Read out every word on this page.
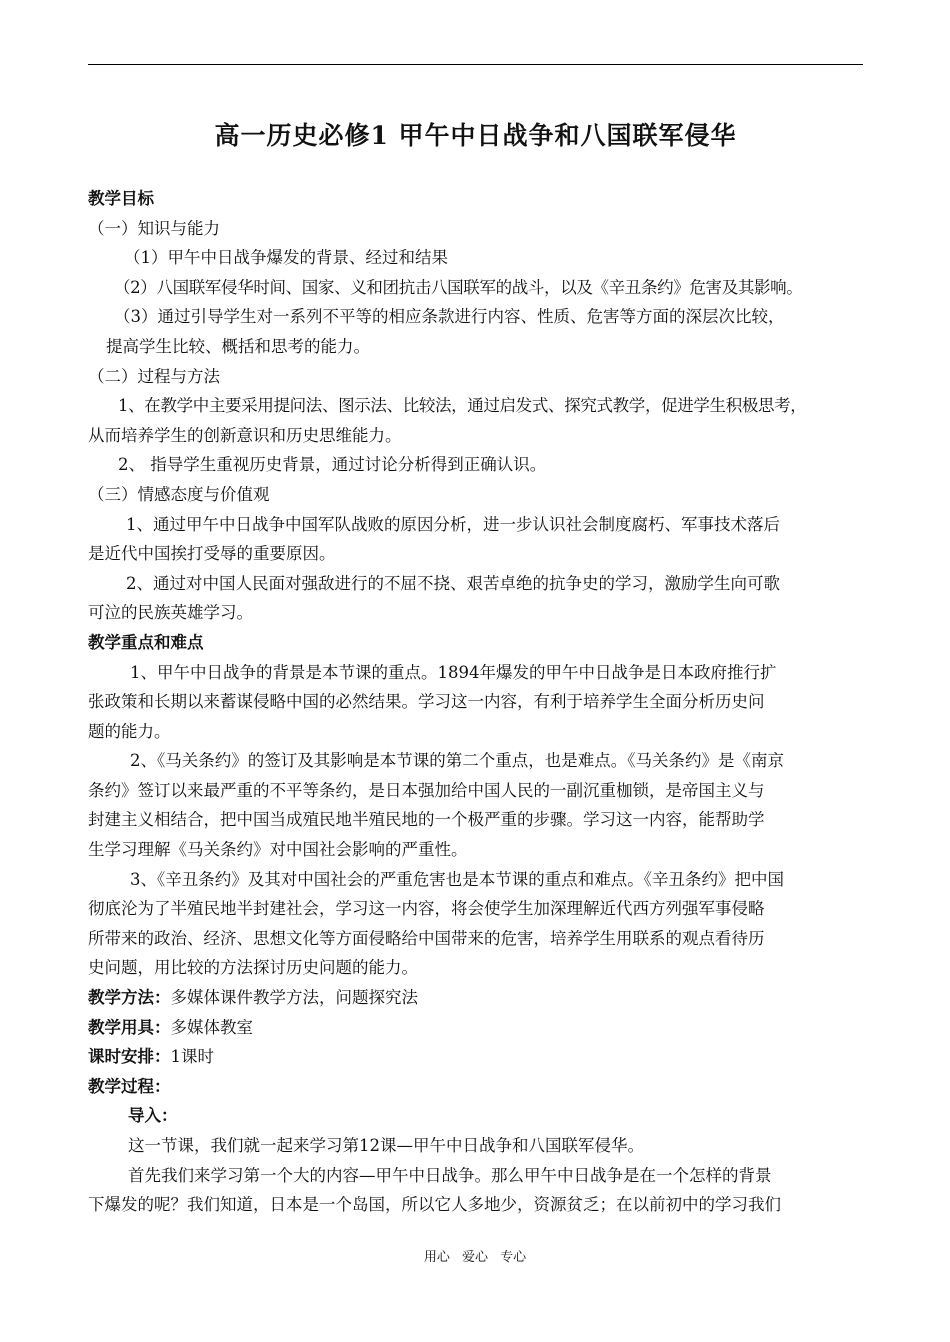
高一历史必修1 甲午中日战争和八国联军侵华
教学目标
（一）知识与能力
（1）甲午中日战争爆发的背景、经过和结果
（2）八国联军侵华时间、国家、义和团抗击八国联军的战斗，以及《辛丑条约》危害及其影响。
（3）通过引导学生对一系列不平等的相应条款进行内容、性质、危害等方面的深层次比较，
提高学生比较、概括和思考的能力。
（二）过程与方法
1、在教学中主要采用提问法、图示法、比较法，通过启发式、探究式教学，促进学生积极思考，
从而培养学生的创新意识和历史思维能力。
2、 指导学生重视历史背景，通过讨论分析得到正确认识。
（三）情感态度与价值观
1、通过甲午中日战争中国军队战败的原因分析，进一步认识社会制度腐朽、军事技术落后
是近代中国挨打受辱的重要原因。
2、通过对中国人民面对强敌进行的不屈不挠、艰苦卓绝的抗争史的学习，激励学生向可歌
可泣的民族英雄学习。
教学重点和难点
1、甲午中日战争的背景是本节课的重点。1894年爆发的甲午中日战争是日本政府推行扩
张政策和长期以来蓄谋侵略中国的必然结果。学习这一内容，有利于培养学生全面分析历史问
题的能力。
2、《马关条约》的签订及其影响是本节课的第二个重点，也是难点。《马关条约》是《南京
条约》签订以来最严重的不平等条约，是日本强加给中国人民的一副沉重枷锁，是帝国主义与
封建主义相结合，把中国当成殖民地半殖民地的一个极严重的步骤。学习这一内容，能帮助学
生学习理解《马关条约》对中国社会影响的严重性。
3、《辛丑条约》及其对中国社会的严重危害也是本节课的重点和难点。《辛丑条约》把中国
彻底沦为了半殖民地半封建社会，学习这一内容，将会使学生加深理解近代西方列强军事侵略
所带来的政治、经济、思想文化等方面侵略给中国带来的危害，培养学生用联系的观点看待历
史问题，用比较的方法探讨历史问题的能力。
教学方法：多媒体课件教学方法，问题探究法
教学用具：多媒体教室
课时安排：1课时
教学过程：
导入：
这一节课，我们就一起来学习第12课—甲午中日战争和八国联军侵华。
首先我们来学习第一个大的内容—甲午中日战争。那么甲午中日战争是在一个怎样的背景
下爆发的呢？我们知道，日本是一个岛国，所以它人多地少，资源贫乏；在以前初中的学习我们
用心 爱心 专心
